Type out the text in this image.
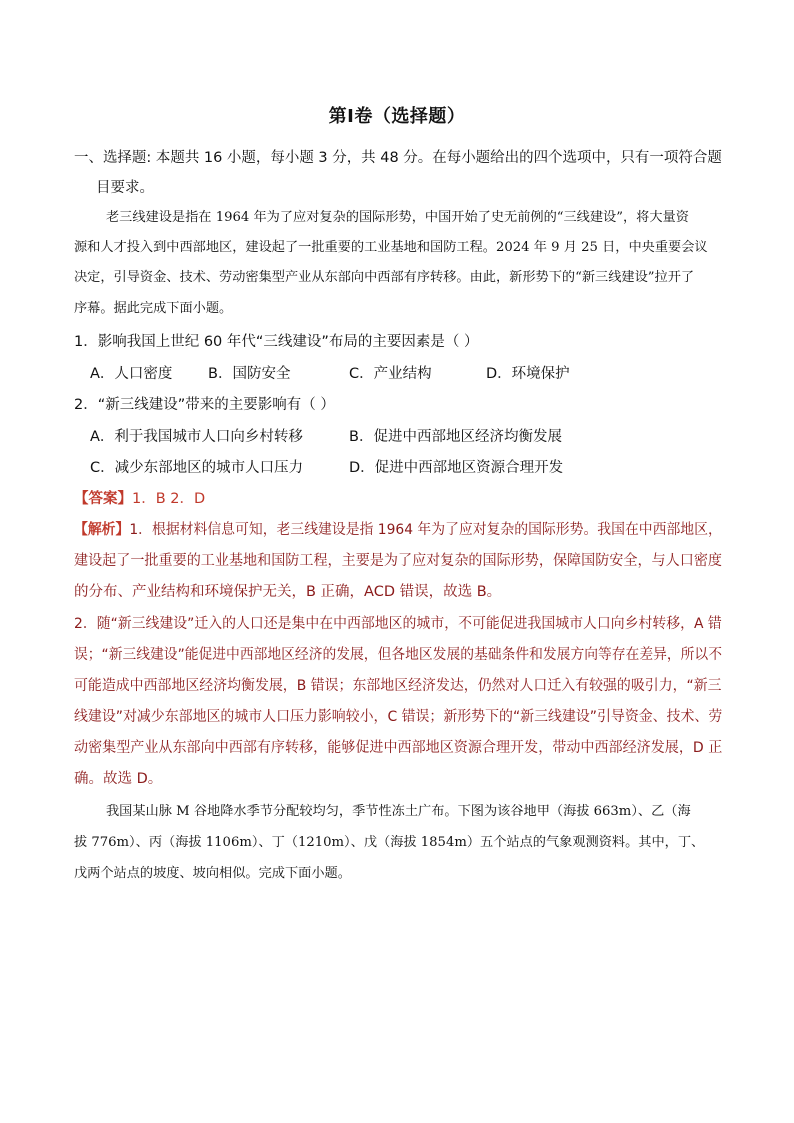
第Ⅰ卷（选择题）
一、选择题: 本题共 16 小题，每小题 3 分，共 48 分。在每小题给出的四个选项中，只有一项符合题
目要求。
老三线建设是指在 1964 年为了应对复杂的国际形势，中国开始了史无前例的“三线建设”，将大量资
源和人才投入到中西部地区，建设起了一批重要的工业基地和国防工程。2024 年 9 月 25 日，中央重要会议
决定，引导资金、技术、劳动密集型产业从东部向中西部有序转移。由此，新形势下的“新三线建设”拉开了
序幕。据此完成下面小题。
1．影响我国上世纪 60 年代“三线建设”布局的主要因素是（ ）
A．人口密度 B．国防安全	C．产业结构	D．环境保护
2．“新三线建设”带来的主要影响有（ ）
A．利于我国城市人口向乡村转移	B．促进中西部地区经济均衡发展
C．减少东部地区的城市人口压力	D．促进中西部地区资源合理开发
【答案】1．B 2．D
【解析】1．根据材料信息可知，老三线建设是指 1964 年为了应对复杂的国际形势。我国在中西部地区，
建设起了一批重要的工业基地和国防工程，主要是为了应对复杂的国际形势，保障国防安全，与人口密度
的分布、产业结构和环境保护无关，B 正确，ACD 错误，故选 B。
2．随“新三线建设”迁入的人口还是集中在中西部地区的城市，不可能促进我国城市人口向乡村转移，A 错
误；“新三线建设”能促进中西部地区经济的发展，但各地区发展的基础条件和发展方向等存在差异，所以不
可能造成中西部地区经济均衡发展，B 错误；东部地区经济发达，仍然对人口迁入有较强的吸引力，“新三
线建设”对减少东部地区的城市人口压力影响较小，C 错误；新形势下的“新三线建设”引导资金、技术、劳
动密集型产业从东部向中西部有序转移，能够促进中西部地区资源合理开发，带动中西部经济发展，D 正
确。故选 D。
我国某山脉 M 谷地降水季节分配较均匀，季节性冻土广布。下图为该谷地甲（海拔 663m）、乙（海
拔 776m）、丙（海拔 1106m）、丁（1210m）、戊（海拔 1854m）五个站点的气象观测资料。其中，丁、
戊两个站点的坡度、坡向相似。完成下面小题。
